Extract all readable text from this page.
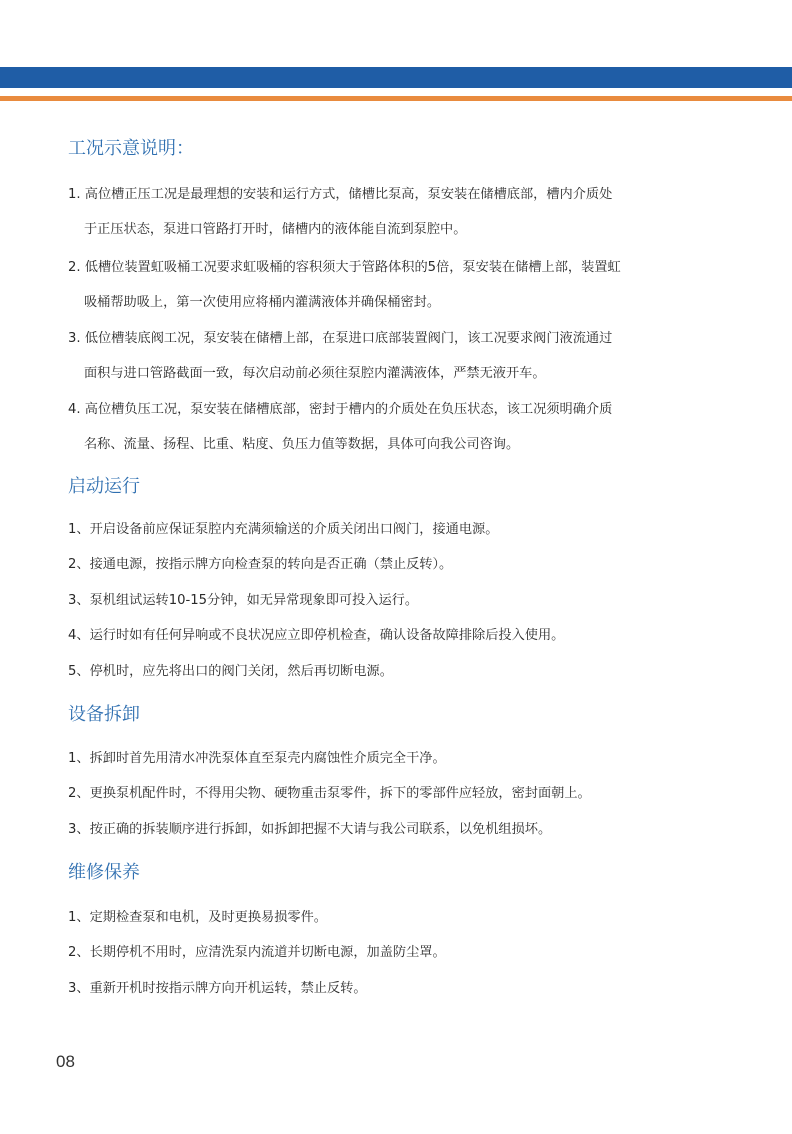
工况示意说明：
1. 高位槽正压工况是最理想的安装和运行方式，储槽比泵高，泵安装在储槽底部，槽内介质处
于正压状态，泵进口管路打开时，储槽内的液体能自流到泵腔中。
2. 低槽位装置虹吸桶工况要求虹吸桶的容积须大于管路体积的5倍，泵安装在储槽上部，装置虹
吸桶帮助吸上，第一次使用应将桶内灌满液体并确保桶密封。
3. 低位槽装底阀工况，泵安装在储槽上部，在泵进口底部装置阀门，该工况要求阀门液流通过
面积与进口管路截面一致，每次启动前必须往泵腔内灌满液体，严禁无液开车。
4. 高位槽负压工况，泵安装在储槽底部，密封于槽内的介质处在负压状态，该工况须明确介质
名称、流量、扬程、比重、粘度、负压力值等数据，具体可向我公司咨询。
启动运行
1、开启设备前应保证泵腔内充满须输送的介质关闭出口阀门，接通电源。
2、接通电源，按指示牌方向检查泵的转向是否正确（禁止反转）。
3、泵机组试运转10-15分钟，如无异常现象即可投入运行。
4、运行时如有任何异响或不良状况应立即停机检查，确认设备故障排除后投入使用。
5、停机时，应先将出口的阀门关闭，然后再切断电源。
设备拆卸
1、拆卸时首先用清水冲洗泵体直至泵壳内腐蚀性介质完全干净。
2、更换泵机配件时，不得用尖物、硬物重击泵零件，拆下的零部件应轻放，密封面朝上。
3、按正确的拆装顺序进行拆卸，如拆卸把握不大请与我公司联系，以免机组损坏。
维修保养
1、定期检查泵和电机，及时更换易损零件。
2、长期停机不用时，应清洗泵内流道并切断电源，加盖防尘罩。
3、重新开机时按指示牌方向开机运转，禁止反转。
08
